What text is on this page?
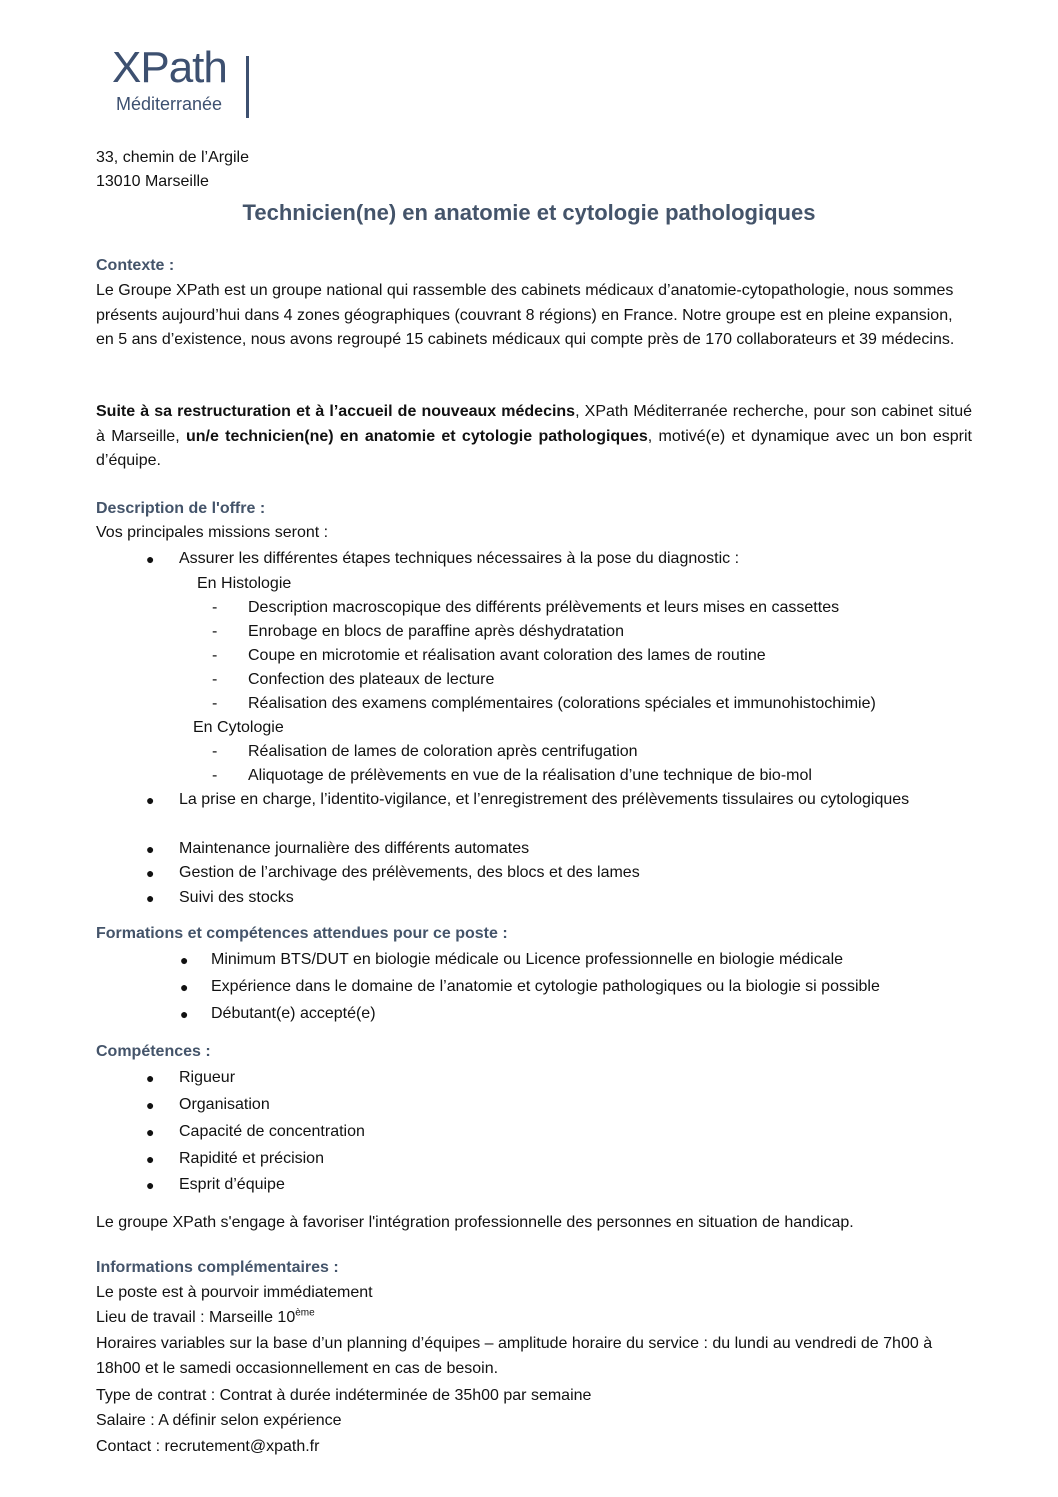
XPath
Méditerranée
33, chemin de l’Argile
13010 Marseille
Technicien(ne) en anatomie et cytologie pathologiques
Contexte :
Le Groupe XPath est un groupe national qui rassemble des cabinets médicaux d’anatomie-cytopathologie, nous sommes présents aujourd’hui dans 4 zones géographiques (couvrant 8 régions) en France. Notre groupe est en pleine expansion, en 5 ans d’existence, nous avons regroupé 15 cabinets médicaux qui compte près de 170 collaborateurs et 39 médecins.
Suite à sa restructuration et à l’accueil de nouveaux médecins, XPath Méditerranée recherche, pour son cabinet situé à Marseille, un/e technicien(ne) en anatomie et cytologie pathologiques, motivé(e) et dynamique avec un bon esprit d’équipe.
Description de l'offre :
Vos principales missions seront :
● Assurer les différentes étapes techniques nécessaires à la pose du diagnostic :
En Histologie
- Description macroscopique des différents prélèvements et leurs mises en cassettes
- Enrobage en blocs de paraffine après déshydratation
- Coupe en microtomie et réalisation avant coloration des lames de routine
- Confection des plateaux de lecture
- Réalisation des examens complémentaires (colorations spéciales et immunohistochimie)
En Cytologie
- Réalisation de lames de coloration après centrifugation
- Aliquotage de prélèvements en vue de la réalisation d’une technique de bio-mol
● La prise en charge, l’identito-vigilance, et l’enregistrement des prélèvements tissulaires ou cytologiques
● Maintenance journalière des différents automates
● Gestion de l’archivage des prélèvements, des blocs et des lames
● Suivi des stocks
Formations et compétences attendues pour ce poste :
● Minimum BTS/DUT en biologie médicale ou Licence professionnelle en biologie médicale
● Expérience dans le domaine de l’anatomie et cytologie pathologiques ou la biologie si possible
● Débutant(e) accepté(e)
Compétences :
● Rigueur
● Organisation
● Capacité de concentration
● Rapidité et précision
● Esprit d’équipe
Le groupe XPath s'engage à favoriser l'intégration professionnelle des personnes en situation de handicap.
Informations complémentaires :
Le poste est à pourvoir immédiatement
Lieu de travail : Marseille 10ème
Horaires variables sur la base d’un planning d’équipes – amplitude horaire du service : du lundi au vendredi de 7h00 à 18h00 et le samedi occasionnellement en cas de besoin.
Type de contrat : Contrat à durée indéterminée de 35h00 par semaine
Salaire : A définir selon expérience
Contact : recrutement@xpath.fr
